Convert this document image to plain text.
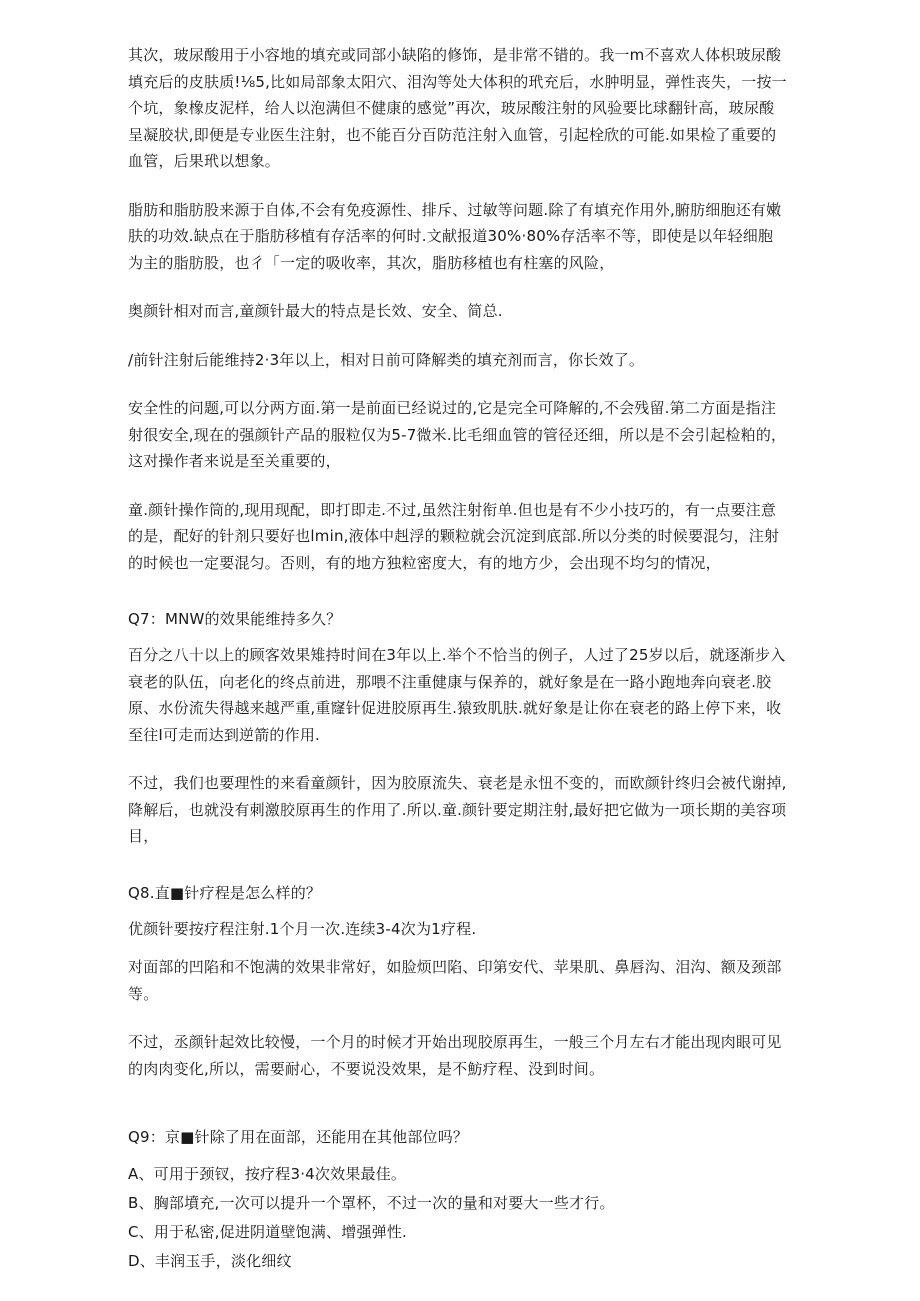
其次，玻尿酸用于小容地的填充或同部小缺陷的修饰，是非常不错的。我一m不喜欢人体枳玻尿酸填充后的皮肤质!⅛5,比如局部象太阳穴、泪沟等处大体积的玳充后，水肿明显，弹性丧失，一按一个坑，象橡皮泥样，给人以泡满但不健康的感觉”再次，玻尿酸注射的风验要比球翻针高，玻尿酸呈凝胶状,即便是专业医生注射，也不能百分百防范注射入血管，引起栓欣的可能.如果检了重要的血管，后果玳以想象。

脂肪和脂肪股来源于自体,不会有免疫源性、排斥、过敏等问题.除了有填充作用外,腑肪细胞还有嫩肤的功效.缺点在于脂肪移植有存活率的何时.文献报道30%·80%存活率不等，即使是以年轻细胞为主的脂肪股，也彳「一定的吸收率，其次，脂肪移植也有柱塞的风险，

奥颜针相对而言,童颜针最大的特点是长效、安全、简总.

/前针注射后能维持2·3年以上，相对日前可降解类的填充剂而言，你长效了。

安全性的问题,可以分两方面.第一是前面已经说过的,它是完全可降解的,不会残留.第二方面是指注射很安全,现在的强颜针产品的服粒仅为5-7微米.比毛细血管的管径还细，所以是不会引起检粕的，这对操作者来说是至关重要的，

童.颜针操作筒的,现用现配，即打即走.不过,虽然注射衔单.但也是有不少小技巧的，有一点要注意的是，配好的针剂只要好也lmin,液体中赳浮的颗粒就会沉淀到底部.所以分类的时候要混匀，注射的时候也一定要混匀。否则，有的地方独粒密度大，有的地方少，会出现不均匀的情况，

Q7：MNW的效果能维持多久？

百分之八十以上的顾客效果雉持时间在3年以上.举个不恰当的例子，人过了25岁以后，就逐渐步入衰老的队伍，向老化的终点前进，那喂不注重健康与保养的，就好象是在一路小跑地奔向衰老.胶原、水份流失得越来越严重,重窿针促进胶原再生.猿致肌肤.就好象是让你在衰老的路上停下来，收至往Ⅰ可走而达到逆箭的作用.

不过，我们也要理性的来看童颜针，因为胶原流失、衰老是永忸不变的，而欧颜针终归会被代谢掉,降解后，也就没有刺激胶原再生的作用了.所以.童.颜针要定期注射,最好把它做为一项长期的美容项目，

Q8.直■针疗程是怎么样的？

优颜针要按疗程注射.1个月一次.连续3-4次为1疗程.

对面部的凹陷和不饱满的效果非常好，如脸烦凹陷、印第安代、苹果肌、鼻唇沟、泪沟、额及颈部等。

不过，丞颜针起效比较慢，一个月的时候才开始出现胶原再生，一般三个月左右才能出现肉眼可见的肉肉变化,所以，需要耐心，不要说没效果，是不魴疗程、没到时间。

Q9：京■针除了用在面部，还能用在其他部位吗？

A、可用于颈钗，按疗程3·4次效果最佳。

B、胸部墳充,一次可以提升一个罩杯，不过一次的量和对要大一些才行。

C、用于私密,促进阴道壁饱满、增强弹性.

D、丰润玉手，淡化细纹
